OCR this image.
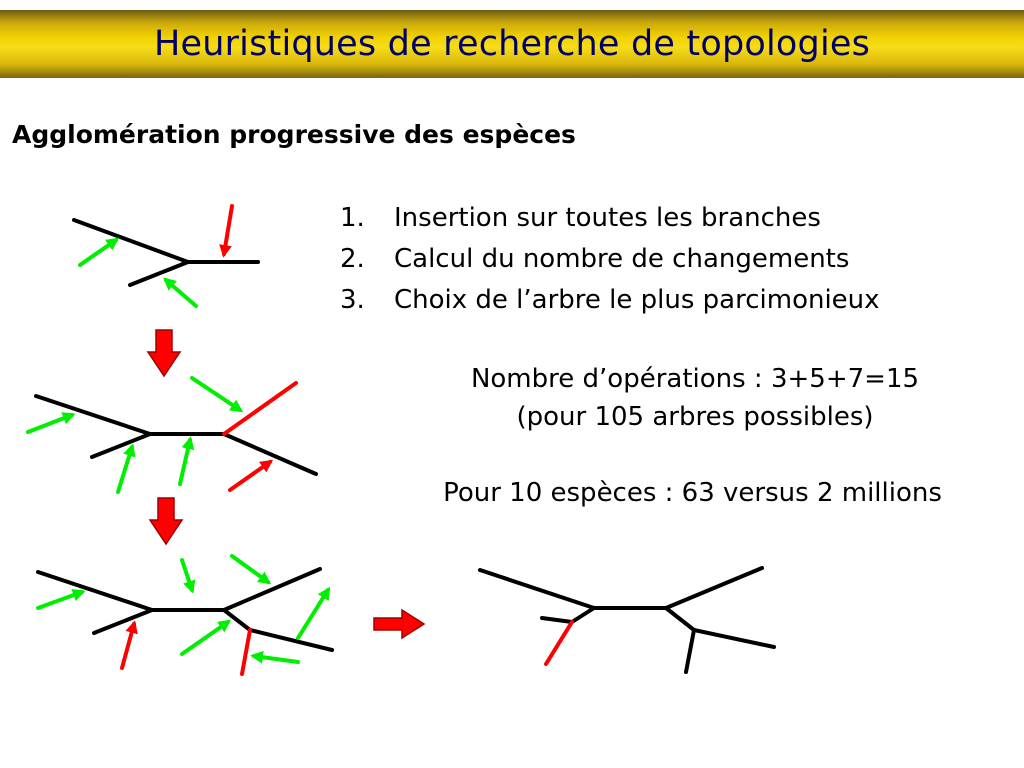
Heuristiques de recherche de topologies
Agglomération progressive des espèces
1.	Insertion sur toutes les branches
2.	Calcul du nombre de changements
3.	Choix de l’arbre le plus parcimonieux
Nombre d’opérations : 3+5+7=15
(pour 105 arbres possibles)
Pour 10 espèces : 63 versus 2 millions
